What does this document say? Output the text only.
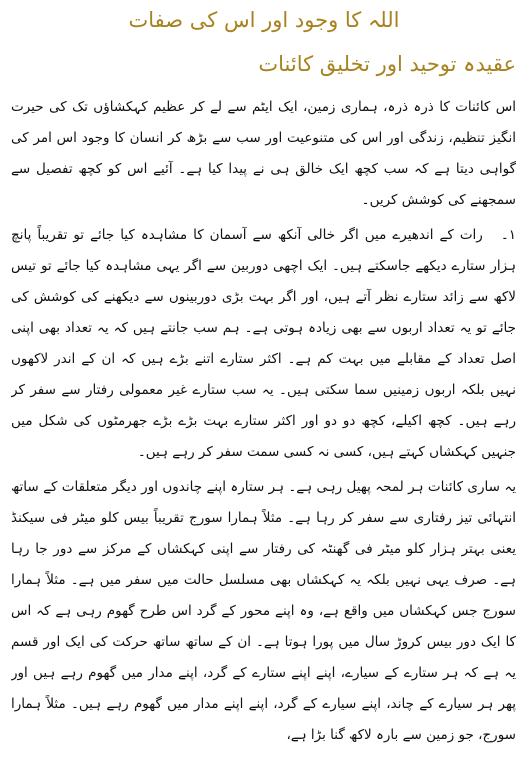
اللہ کا وجود اور اس کی صفات
عقیدہ توحید اور تخلیق کائنات

اس کائنات کا ذرہ ذرہ، ہماری زمین، ایک ایٹم سے لے کر عظیم کہکشاؤں تک کی حیرت انگیز تنظیم، زندگی اور اس کی متنوعیت اور سب سے بڑھ کر انسان کا وجود اس امر کی گواہی دیتا ہے کہ سب کچھ ایک خالق ہی نے پیدا کیا ہے۔ آئیے اس کو کچھ تفصیل سے سمجھنے کی کوشش کریں۔

۱۔رات کے اندھیرے میں اگر خالی آنکھ سے آسمان کا مشاہدہ کیا جائے تو تقریباً پانچ ہزار ستارے دیکھے جاسکتے ہیں۔ ایک اچھی دوربین سے اگر یہی مشاہدہ کیا جائے تو تیس لاکھ سے زائد ستارے نظر آتے ہیں، اور اگر بہت بڑی دوربینوں سے دیکھنے کی کوشش کی جائے تو یہ تعداد اربوں سے بھی زیادہ ہوتی ہے۔ ہم سب جانتے ہیں کہ یہ تعداد بھی اپنی اصل تعداد کے مقابلے میں بہت کم ہے۔ اکثر ستارے اتنے بڑے ہیں کہ ان کے اندر لاکھوں نہیں بلکہ اربوں زمینیں سما سکتی ہیں۔ یہ سب ستارے غیر معمولی رفتار سے سفر کر رہے ہیں۔ کچھ اکیلے، کچھ دو دو اور اکثر ستارے بہت بڑے بڑے جھرمٹوں کی شکل میں جنہیں کہکشاں کہتے ہیں، کسی نہ کسی سمت سفر کر رہے ہیں۔

یہ ساری کائنات ہر لمحہ پھیل رہی ہے۔ ہر ستارہ اپنے چاندوں اور دیگر متعلقات کے ساتھ انتہائی تیز رفتاری سے سفر کر رہا ہے۔ مثلاً ہمارا سورج تقریباً بیس کلو میٹر فی سیکنڈ یعنی بہتر ہزار کلو میٹر فی گھنٹہ کی رفتار سے اپنی کہکشاں کے مرکز سے دور جا رہا ہے۔ صرف یہی نہیں بلکہ یہ کہکشاں بھی مسلسل حالت میں سفر میں ہے۔ مثلاً ہمارا سورج جس کہکشاں میں واقع ہے، وہ اپنے محور کے گرد اس طرح گھوم رہی ہے کہ اس کا ایک دور بیس کروڑ سال میں پورا ہوتا ہے۔ ان کے ساتھ ساتھ حرکت کی ایک اور قسم یہ ہے کہ ہر ستارے کے سیارے، اپنے اپنے ستارے کے گرد، اپنے مدار میں گھوم رہے ہیں اور پھر ہر سیارے کے چاند، اپنے سیارے کے گرد، اپنے اپنے مدار میں گھوم رہے ہیں۔ مثلاً ہمارا سورج، جو زمین سے بارہ لاکھ گنا بڑا ہے،
